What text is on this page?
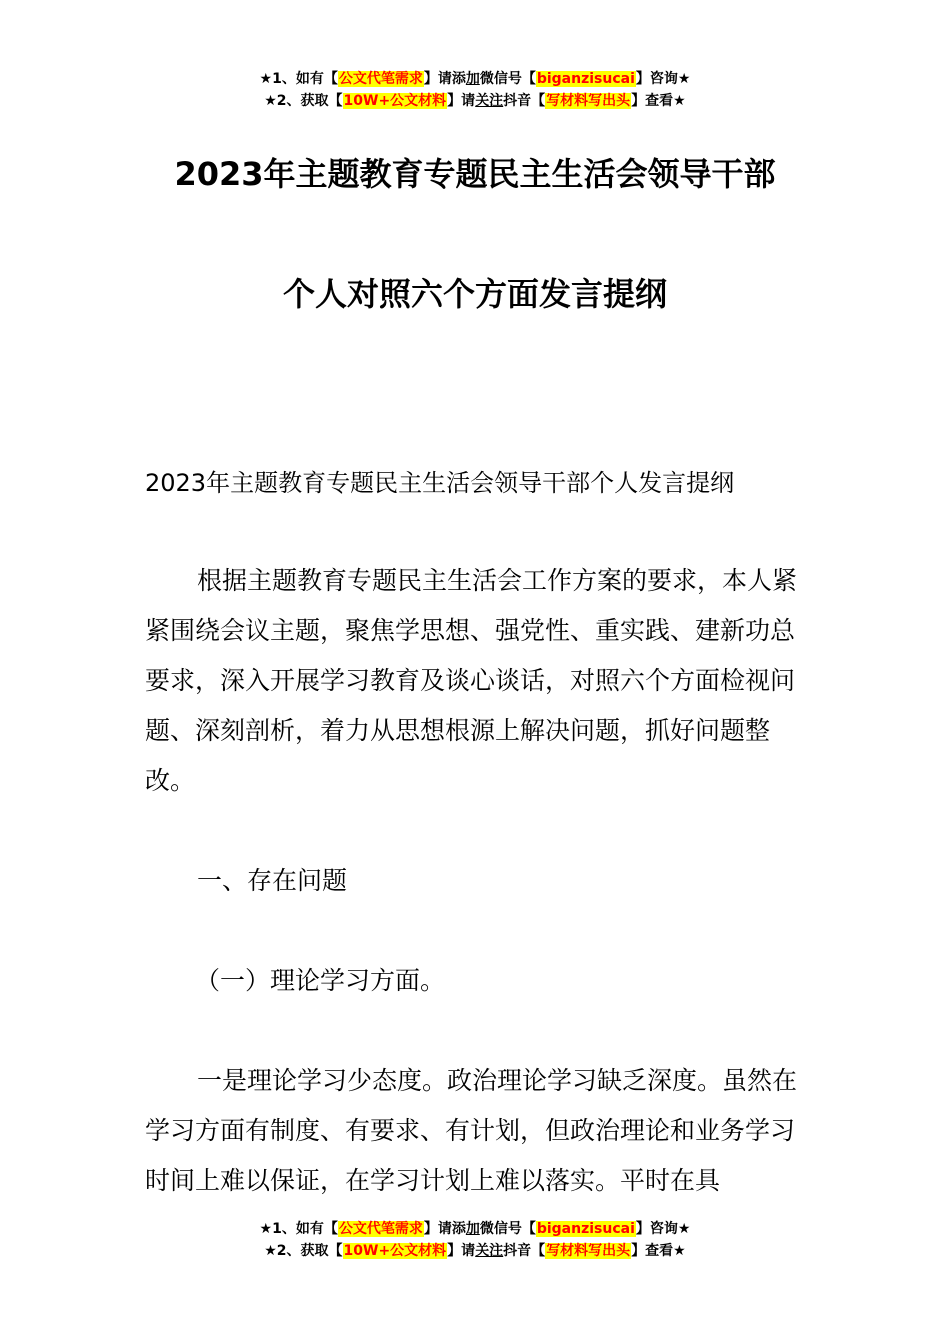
★1、如有【公文代笔需求】请添加微信号【biganzisucai】咨询★
★2、获取【10W+公文材料】请关注抖音【写材料写出头】查看★
2023年主题教育专题民主生活会领导干部
个人对照六个方面发言提纲

2023年主题教育专题民主生活会领导干部个人发言提纲

根据主题教育专题民主生活会工作方案的要求，本人紧紧围绕会议主题，聚焦学思想、强党性、重实践、建新功总要求，深入开展学习教育及谈心谈话，对照六个方面检视问题、深刻剖析，着力从思想根源上解决问题，抓好问题整改。

一、存在问题

（一）理论学习方面。

一是理论学习少态度。政治理论学习缺乏深度。虽然在学习方面有制度、有要求、有计划，但政治理论和业务学习时间上难以保证，在学习计划上难以落实。平时在具

★1、如有【公文代笔需求】请添加微信号【biganzisucai】咨询★
★2、获取【10W+公文材料】请关注抖音【写材料写出头】查看★
